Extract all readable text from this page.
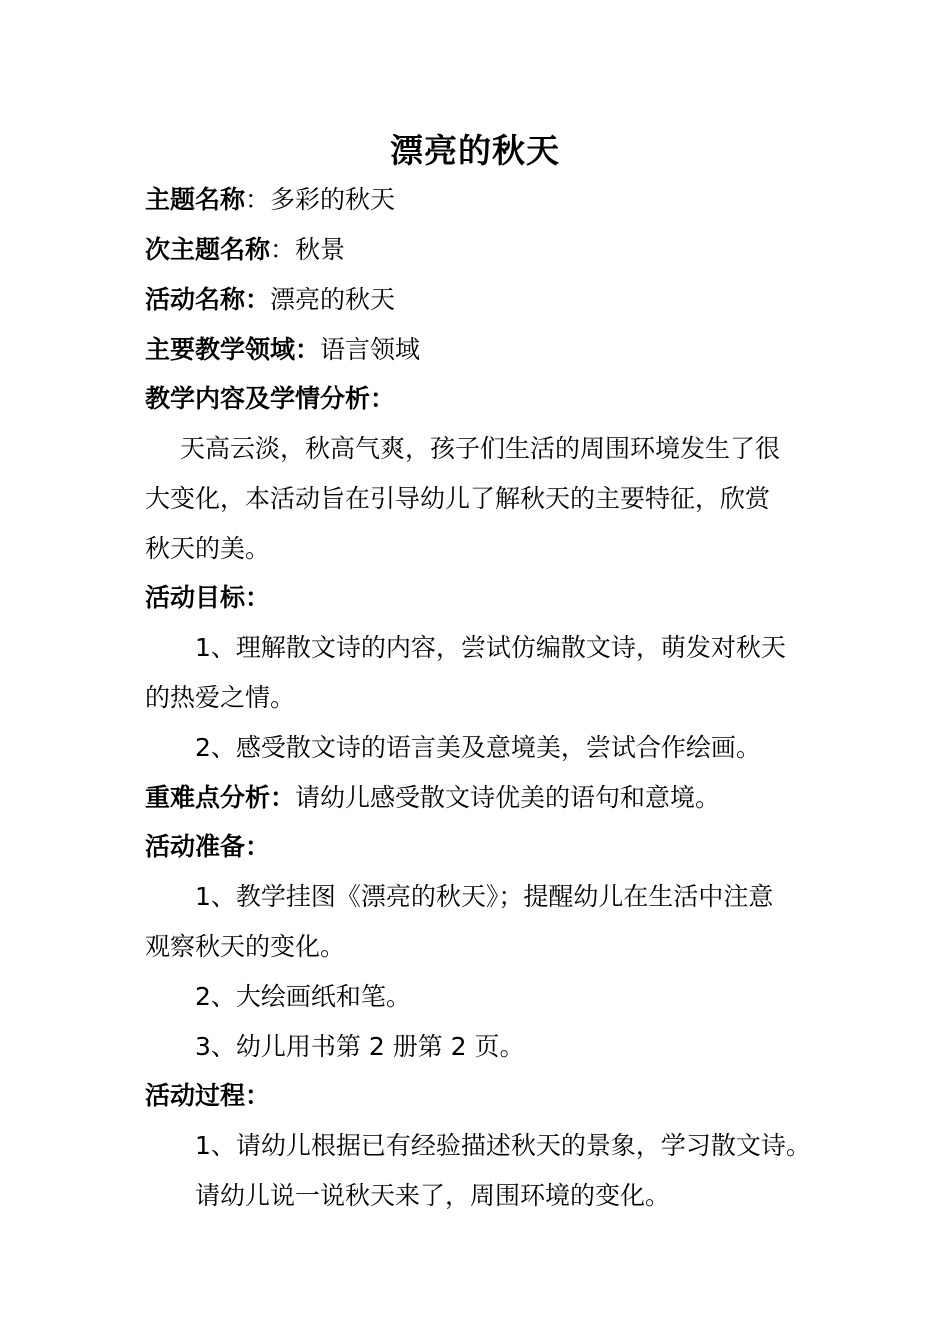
漂亮的秋天
主题名称：多彩的秋天
次主题名称：秋景
活动名称：漂亮的秋天
主要教学领域：语言领域
教学内容及学情分析：
天高云淡，秋高气爽，孩子们生活的周围环境发生了很
大变化，本活动旨在引导幼儿了解秋天的主要特征，欣赏
秋天的美。
活动目标：
1、理解散文诗的内容，尝试仿编散文诗，萌发对秋天
的热爱之情。
2、感受散文诗的语言美及意境美，尝试合作绘画。
重难点分析：请幼儿感受散文诗优美的语句和意境。
活动准备：
1、教学挂图《漂亮的秋天》；提醒幼儿在生活中注意
观察秋天的变化。
2、大绘画纸和笔。
3、幼儿用书第 2 册第 2 页。
活动过程：
1、请幼儿根据已有经验描述秋天的景象，学习散文诗。
请幼儿说一说秋天来了，周围环境的变化。
